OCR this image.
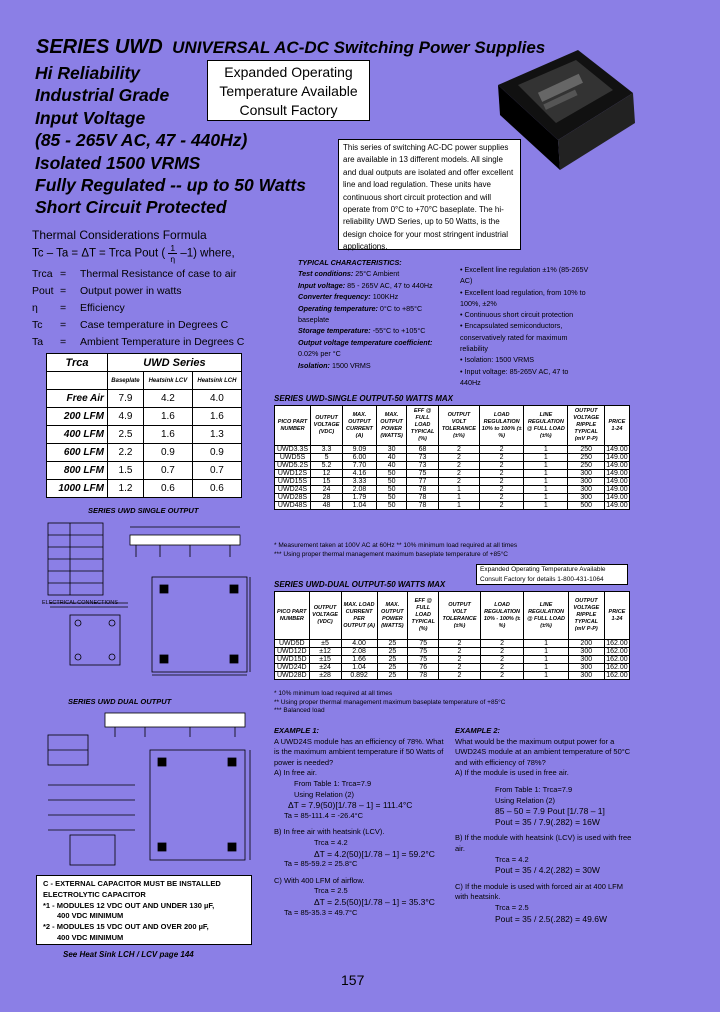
SERIES UWD UNIVERSAL AC-DC Switching Power Supplies
Hi Reliability
Industrial Grade
Input Voltage
(85 - 265V AC, 47 - 440Hz)
Isolated 1500 VRMS
Fully Regulated -- up to 50 Watts
Short Circuit Protected
Expanded Operating
Temperature Available
Consult Factory
This series of switching AC-DC power supplies are available in 13 different models. All single and dual outputs are isolated and offer excellent line and load regulation. These units have continuous short circuit protection and will operate from 0°C to +70°C baseplate. The hi-reliability UWD Series, up to 50 Watts, is the design choice for your most stringent industrial applications.
Thermal Considerations Formula
Tc – Ta = ΔT = Trca Pout ( $\frac{1}{\eta} -1$) where,
Trca =	Thermal Resistance of case to air
Pout =	Output power in watts
η	=	Efficiency
Tc	=	Case temperature in Degrees C
Ta	=	Ambient Temperature in Degrees C
Trca	UWD Series		
	Baseplate	Heatsink LCV	Heatsink LCH
Free Air	7.9	4.2	4.0
200 LFM	4.9	1.6	1.6
400 LFM	2.5	1.6	1.3
600 LFM	2.2	0.9	0.9
800 LFM	1.5	0.7	0.7
1000 LFM	1.2	0.6	0.6
SERIES UWD SINGLE OUTPUT
ELECTRICAL CONNECTIONS
SERIES UWD DUAL OUTPUT
C - EXTERNAL CAPACITOR MUST BE INSTALLED
ELECTROLYTIC CAPACITOR
*1 - MODULES 12 VDC OUT AND UNDER 130 µF,
400 VDC MINIMUM
*2 - MODULES 15 VDC OUT AND OVER 200 µF,
400 VDC MINIMUM
See Heat Sink LCH / LCV page 144
TYPICAL CHARACTERISTICS:
Test conditions: 25°C Ambient
Input voltage: 85 - 265V AC, 47 to 440Hz
Converter frequency: 100KHz
Operating temperature: 0°C to +85°C baseplate
Storage temperature: -55°C to +105°C
Output voltage temperature coefficient: 0.02% per °C
Isolation: 1500 VRMS
• Excellent line regulation ±1% (85-265V AC)
• Excellent load regulation, from 10% to 100%, ±2%
• Continuous short circuit protection
• Encapsulated semiconductors, conservatively rated for maximum reliability
• Isolation: 1500 VRMS
• Input voltage: 85-265V AC, 47 to 440Hz
SERIES UWD-SINGLE OUTPUT-50 WATTS MAX
PICO PART NUMBER	OUTPUT VOLTAGE (VDC)	MAX. OUTPUT CURRENT (A)	MAX. OUTPUT POWER (WATTS)	EFF @ FULL LOAD TYPICAL (%)	OUTPUT VOLT TOLERANCE (±%)	LOAD REGULATION 10% to 100% (±%)	LINE REGULATION @ FULL LOAD (±%)	OUTPUT VOLTAGE RIPPLE TYPICAL (mV P-P)	PRICE 1-24
UWD3.3S	3.3	9.09	30	68	2	2	1	250	149.00
UWD5S	5	6.00	40	73	2	2	1	250	149.00
UWD5.2S	5.2	7.70	40	73	2	2	1	250	149.00
UWD12S	12	4.16	50	75	2	2	1	300	149.00
UWD15S	15	3.33	50	77	2	2	1	300	149.00
UWD24S	24	2.08	50	78	1	2	1	300	149.00
UWD28S	28	1.79	50	78	1	2	1	300	149.00
UWD48S	48	1.04	50	78	1	2	1	500	149.00
* Measurement taken at 100V AC at 60Hz ** 10% minimum load required at all times
*** Using proper thermal management maximum baseplate temperature of +85°C
Expanded Operating Temperature Available
Consult Factory for details 1-800-431-1064
SERIES UWD-DUAL OUTPUT-50 WATTS MAX
PICO PART NUMBER	OUTPUT VOLTAGE (VDC)	MAX. LOAD CURRENT PER OUTPUT (A)	MAX. OUTPUT POWER (WATTS)	EFF @ FULL LOAD TYPICAL (%)	OUTPUT VOLT TOLERANCE (±%)	LOAD REGULATION 10% - 100% (±%)	LINE REGULATION @ FULL LOAD (±%)	OUTPUT VOLTAGE RIPPLE TYPICAL (mV P-P)	PRICE 1-24
UWD5D	±5	4.00	25	75	2	2	1	200	162.00
UWD12D	±12	2.08	25	75	2	2	1	300	162.00
UWD15D	±15	1.66	25	75	2	2	1	300	162.00
UWD24D	±24	1.04	25	76	2	2	1	300	162.00
UWD28D	±28	0.892	25	78	2	2	1	300	162.00
* 10% minimum load required at all times
** Using proper thermal management maximum baseplate temperature of +85°C
*** Balanced load
EXAMPLE 1:
A UWD24S module has an efficiency of 78%. What is the maximum ambient temperature if 50 Watts of power is needed?
A) In free air.
From Table 1: Trca=7.9
Using Relation (2)
ΔT = 7.9(50)[1/.78 – 1] = 111.4°C
Ta = 85-111.4 = -26.4°C
B) In free air with heatsink (LCV).
Trca = 4.2
ΔT = 4.2(50)[1/.78 – 1] = 59.2°C
Ta = 85-59.2 = 25.8°C
C) With 400 LFM of airflow.
Trca = 2.5
ΔT = 2.5(50)[1/.78 – 1] = 35.3°C
Ta = 85-35.3 = 49.7°C
EXAMPLE 2:
What would be the maximum output power for a UWD24S module at an ambient temperature of 50°C and with efficiency of 78%?
A) If the module is used in free air.
From Table 1: Trca=7.9
Using Relation (2)
85 – 50 = 7.9 Pout [1/.78 – 1]
Pout = 35 / 7.9(.282) = 16W
B) If the module with heatsink (LCV) is used with free air.
Trca = 4.2
Pout = 35 / 4.2(.282) = 30W
C) If the module is used with forced air at 400 LFM with heatsink.
Trca = 2.5
Pout = 35 / 2.5(.282) = 49.6W
157
